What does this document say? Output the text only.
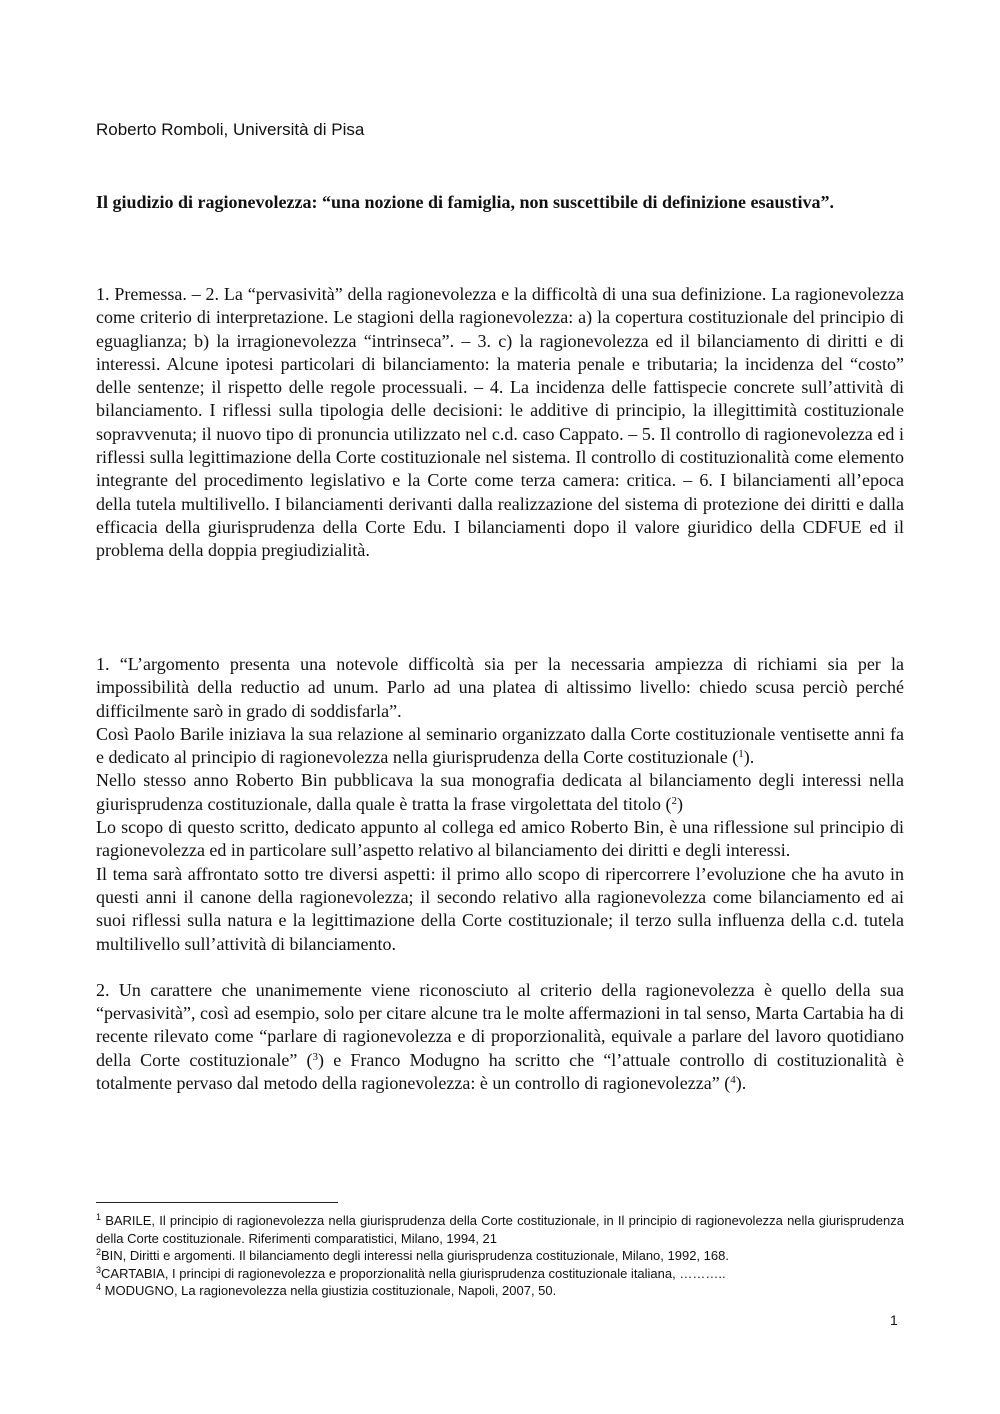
Roberto Romboli, Università di Pisa

Il giudizio di ragionevolezza: “una nozione di famiglia, non suscettibile di definizione esaustiva”.

1. Premessa. – 2. La “pervasività” della ragionevolezza e la difficoltà di una sua definizione. La ragionevolezza come criterio di interpretazione. Le stagioni della ragionevolezza: a) la copertura costituzionale del principio di eguaglianza; b) la irragionevolezza “intrinseca”. – 3. c) la ragionevolezza ed il bilanciamento di diritti e di interessi. Alcune ipotesi particolari di bilanciamento: la materia penale e tributaria; la incidenza del “costo” delle sentenze; il rispetto delle regole processuali. – 4. La incidenza delle fattispecie concrete sull’attività di bilanciamento. I riflessi sulla tipologia delle decisioni: le additive di principio, la illegittimità costituzionale sopravvenuta; il nuovo tipo di pronuncia utilizzato nel c.d. caso Cappato. – 5. Il controllo di ragionevolezza ed i riflessi sulla legittimazione della Corte costituzionale nel sistema. Il controllo di costituzionalità come elemento integrante del procedimento legislativo e la Corte come terza camera: critica. – 6. I bilanciamenti all’epoca della tutela multilivello. I bilanciamenti derivanti dalla realizzazione del sistema di protezione dei diritti e dalla efficacia della giurisprudenza della Corte Edu. I bilanciamenti dopo il valore giuridico della CDFUE ed il problema della doppia pregiudizialità.

1. “L’argomento presenta una notevole difficoltà sia per la necessaria ampiezza di richiami sia per la impossibilità della reductio ad unum. Parlo ad una platea di altissimo livello: chiedo scusa perciò perché difficilmente sarò in grado di soddisfarla”.

Così Paolo Barile iniziava la sua relazione al seminario organizzato dalla Corte costituzionale ventisette anni fa e dedicato al principio di ragionevolezza nella giurisprudenza della Corte costituzionale ($^1$).

Nello stesso anno Roberto Bin pubblicava la sua monografia dedicata al bilanciamento degli interessi nella giurisprudenza costituzionale, dalla quale è tratta la frase virgolettata del titolo ($^2$)

Lo scopo di questo scritto, dedicato appunto al collega ed amico Roberto Bin, è una riflessione sul principio di ragionevolezza ed in particolare sull’aspetto relativo al bilanciamento dei diritti e degli interessi.

Il tema sarà affrontato sotto tre diversi aspetti: il primo allo scopo di ripercorrere l’evoluzione che ha avuto in questi anni il canone della ragionevolezza; il secondo relativo alla ragionevolezza come bilanciamento ed ai suoi riflessi sulla natura e la legittimazione della Corte costituzionale; il terzo sulla influenza della c.d. tutela multilivello sull’attività di bilanciamento.

2. Un carattere che unanimemente viene riconosciuto al criterio della ragionevolezza è quello della sua “pervasività”, così ad esempio, solo per citare alcune tra le molte affermazioni in tal senso, Marta Cartabia ha di recente rilevato come “parlare di ragionevolezza e di proporzionalità, equivale a parlare del lavoro quotidiano della Corte costituzionale” ($^3$) e Franco Modugno ha scritto che “l’attuale controllo di costituzionalità è totalmente pervaso dal metodo della ragionevolezza: è un controllo di ragionevolezza” ($^4$).

$^1$ BARILE, Il principio di ragionevolezza nella giurisprudenza della Corte costituzionale, in Il principio di ragionevolezza nella giurisprudenza della Corte costituzionale. Riferimenti comparatistici, Milano, 1994, 21

$^2$BIN, Diritti e argomenti. Il bilanciamento degli interessi nella giurisprudenza costituzionale, Milano, 1992, 168.

$^3$CARTABIA, I principi di ragionevolezza e proporzionalità nella giurisprudenza costituzionale italiana, ………..

$^4$ MODUGNO, La ragionevolezza nella giustizia costituzionale, Napoli, 2007, 50.

1
